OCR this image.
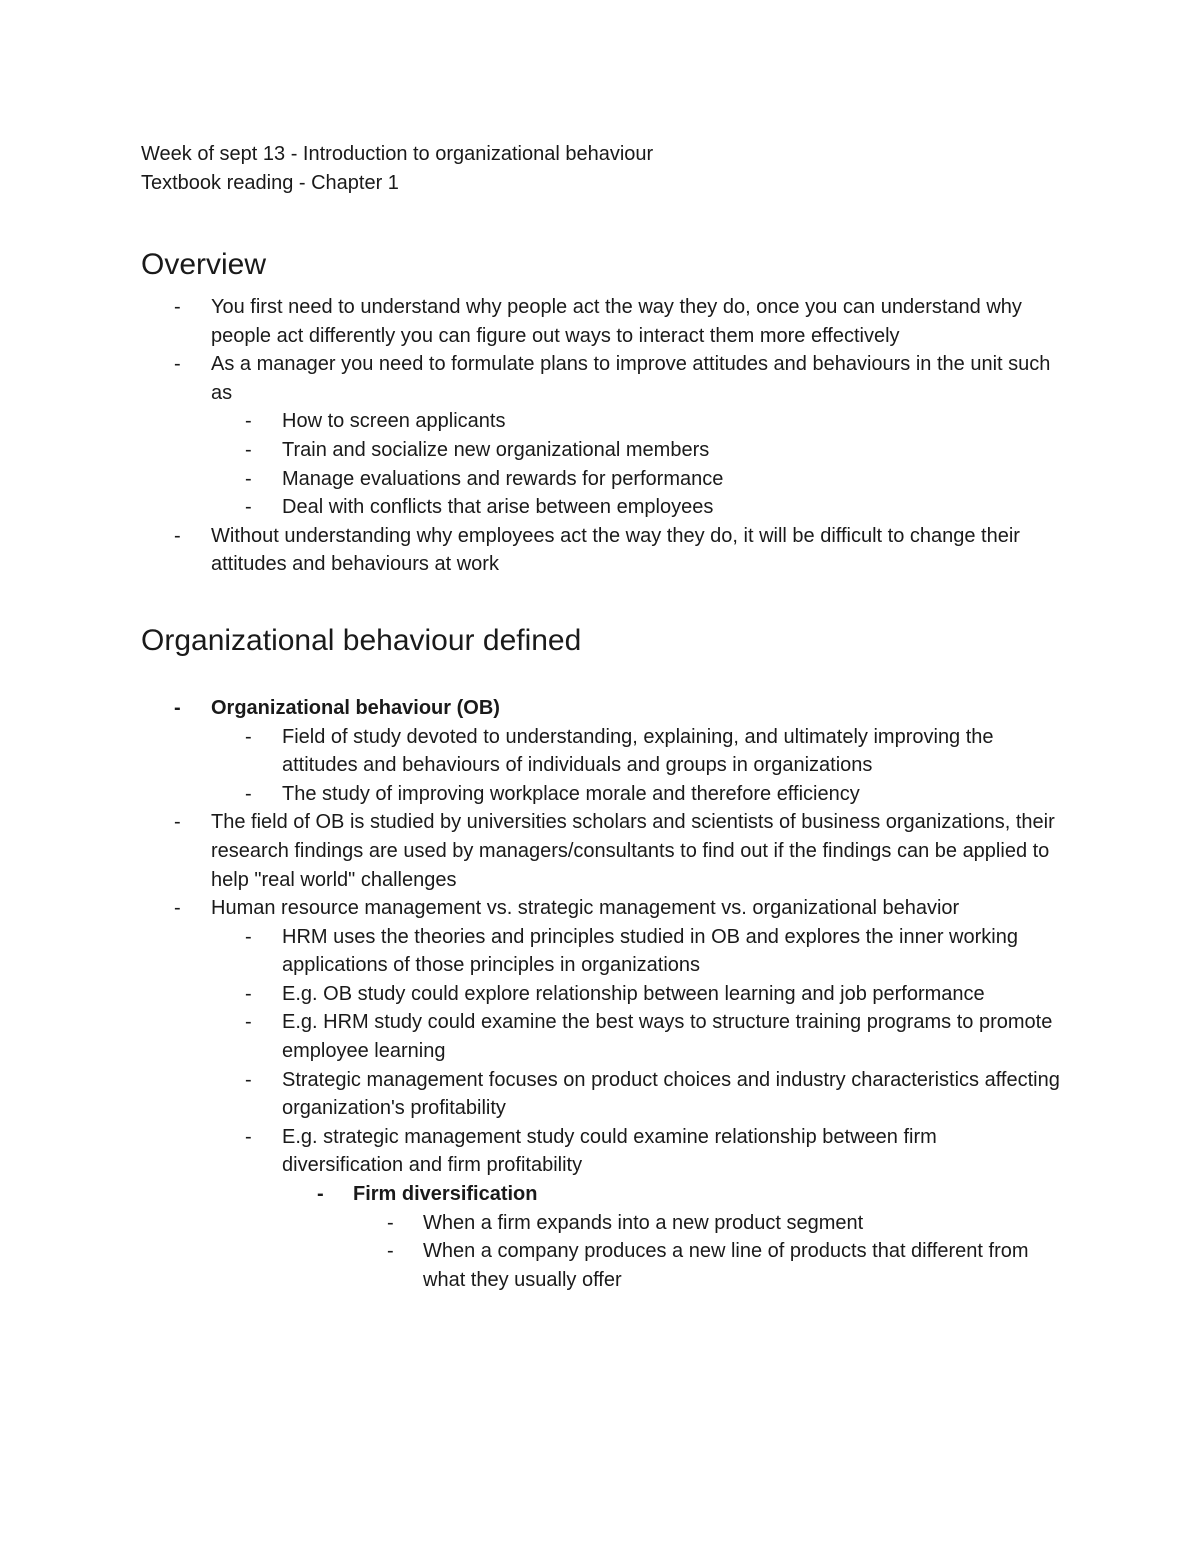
Week of sept 13 - Introduction to organizational behaviour

Textbook reading - Chapter 1

Overview
-	You first need to understand why people act the way they do, once you can understand why people act differently you can figure out ways to interact them more effectively
-	As a manager you need to formulate plans to improve attitudes and behaviours in the unit such as
-	How to screen applicants
-	Train and socialize new organizational members
-	Manage evaluations and rewards for performance
-	Deal with conflicts that arise between employees
-	Without understanding why employees act the way they do, it will be difficult to change their attitudes and behaviours at work
Organizational behaviour defined
-	Organizational behaviour (OB)
-	Field of study devoted to understanding, explaining, and ultimately improving the attitudes and behaviours of individuals and groups in organizations
-	The study of improving workplace morale and therefore efficiency
-	The field of OB is studied by universities scholars and scientists of business organizations, their research findings are used by managers/consultants to find out if the findings can be applied to help "real world" challenges
-	Human resource management vs. strategic management vs. organizational behavior
-	HRM uses the theories and principles studied in OB and explores the inner working applications of those principles in organizations
-	E.g. OB study could explore relationship between learning and job performance
-	E.g. HRM study could examine the best ways to structure training programs to promote employee learning
-	Strategic management focuses on product choices and industry characteristics affecting organization's profitability
-	E.g. strategic management study could examine relationship between firm diversification and firm profitability
-	Firm diversification
-	When a firm expands into a new product segment
-	When a company produces a new line of products that different from what they usually offer
